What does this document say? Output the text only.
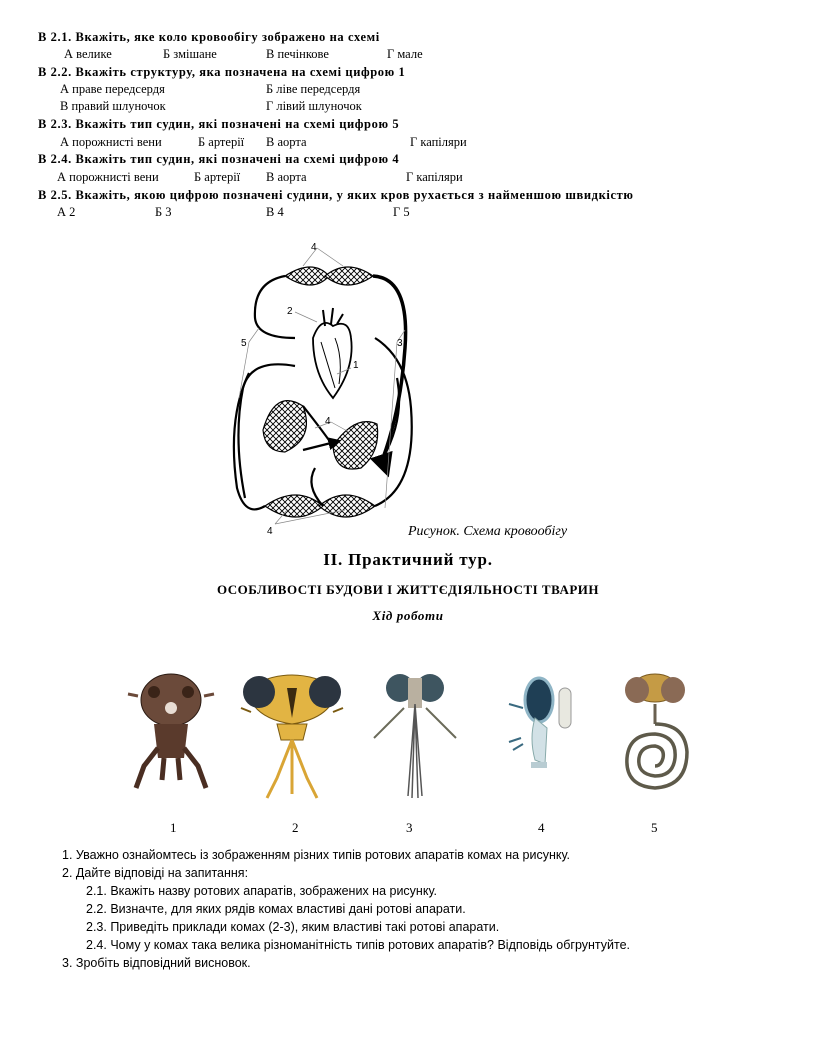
В 2.1. Вкажіть, яке коло кровообігу зображено на схемі
А велике	Б змішане	В печінкове	Г мале
В 2.2. Вкажіть структуру, яка позначена на схемі цифрою 1
А праве передсердя	Б ліве передсердя
В правий шлуночок	Г лівий шлуночок
В 2.3. Вкажіть тип судин, які позначені на схемі цифрою 5
А порожнисті вени	Б артерії В аорта	Г капіляри
В 2.4. Вкажіть тип судин, які позначені на схемі цифрою 4
А порожнисті вени	Б артерії В аорта	Г капіляри
В 2.5. Вкажіть, якою цифрою позначені судини, у яких кров рухається з найменшою швидкістю
А 2	Б 3	В 4	Г 5
4
2
5	3
1
4
4	Рисунок. Схема кровообігу
II. Практичний тур.
ОСОБЛИВОСТІ БУДОВИ І ЖИТТЄДІЯЛЬНОСТІ ТВАРИН
Хід роботи
1	2	3	4	5
1. Уважно ознайомтесь із зображенням різних типів ротових апаратів комах на рисунку.
2. Дайте відповіді на запитання:
2.1. Вкажіть назву ротових апаратів, зображених на рисунку.
2.2. Визначте, для яких рядів комах властиві дані ротові апарати.
2.3. Приведіть приклади комах (2-3), яким властиві такі ротові апарати.
2.4. Чому у комах така велика різноманітність типів ротових апаратів? Відповідь обгрунтуйте.
3. Зробіть відповідний висновок.
